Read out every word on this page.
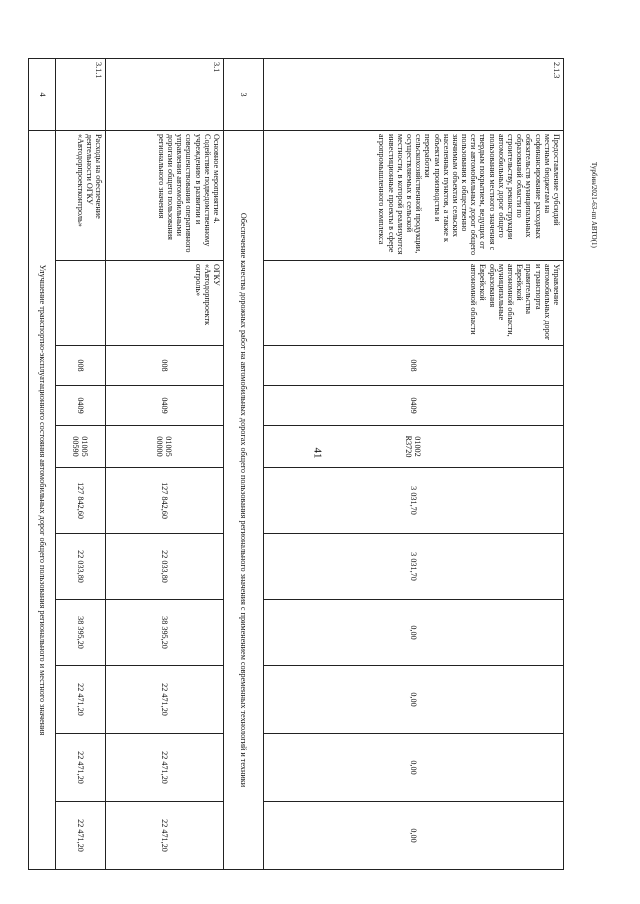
41
Турбин/2021-63-пп АВТО(1)
2.1.3
Предоставление субсидий местным бюджетам на софинансирование расходных обязательств муниципальных образований области по строительству, реконструкции автомобильных дорог общего пользования местного значения с твердым покрытием, ведущих от сети автомобильных дорог общего пользования к общественно значимым объектам сельских населенных пунктов, а также к объектам производства и переработки сельскохозяйственной продукции, осуществляемых в сельской местности, в которой реализуются инвестиционные проекты в сфере агропромышленного комплекса
Управление автомобильных дорог и транспорта правительства Еврейской автономной области, муниципальные образования Еврейской автономной области
008
0409
01002 R3720
3 031,70
3 031,70
0,00
0,00
0,00
0,00
3
Обеспечение качества дорожных работ на автомобильных дорогах общего пользования регионального значения с применением современных технологий и техники
3.1
Основное мероприятие 4. Содействие подведомственному учреждению в развитии и совершенствовании оперативного управления автомобильными дорогами общего пользования регионального значения
ОГКУ «Автодорпроектк онтроль»
008
0409
01005 00000
127 842,60
22 033,80
38 395,20
22 471,20
22 471,20
22 471,20
3.1.1
Расходы на обеспечение деятельности ОГКУ «Автодорпроектконтроль»
008
0409
01005 00590
127 842,60
22 033,80
38 395,20
22 471,20
22 471,20
22 471,20
4
Улучшение транспортно-эксплуатационного состояния автомобильных дорог общего пользования регионального и местного значения
